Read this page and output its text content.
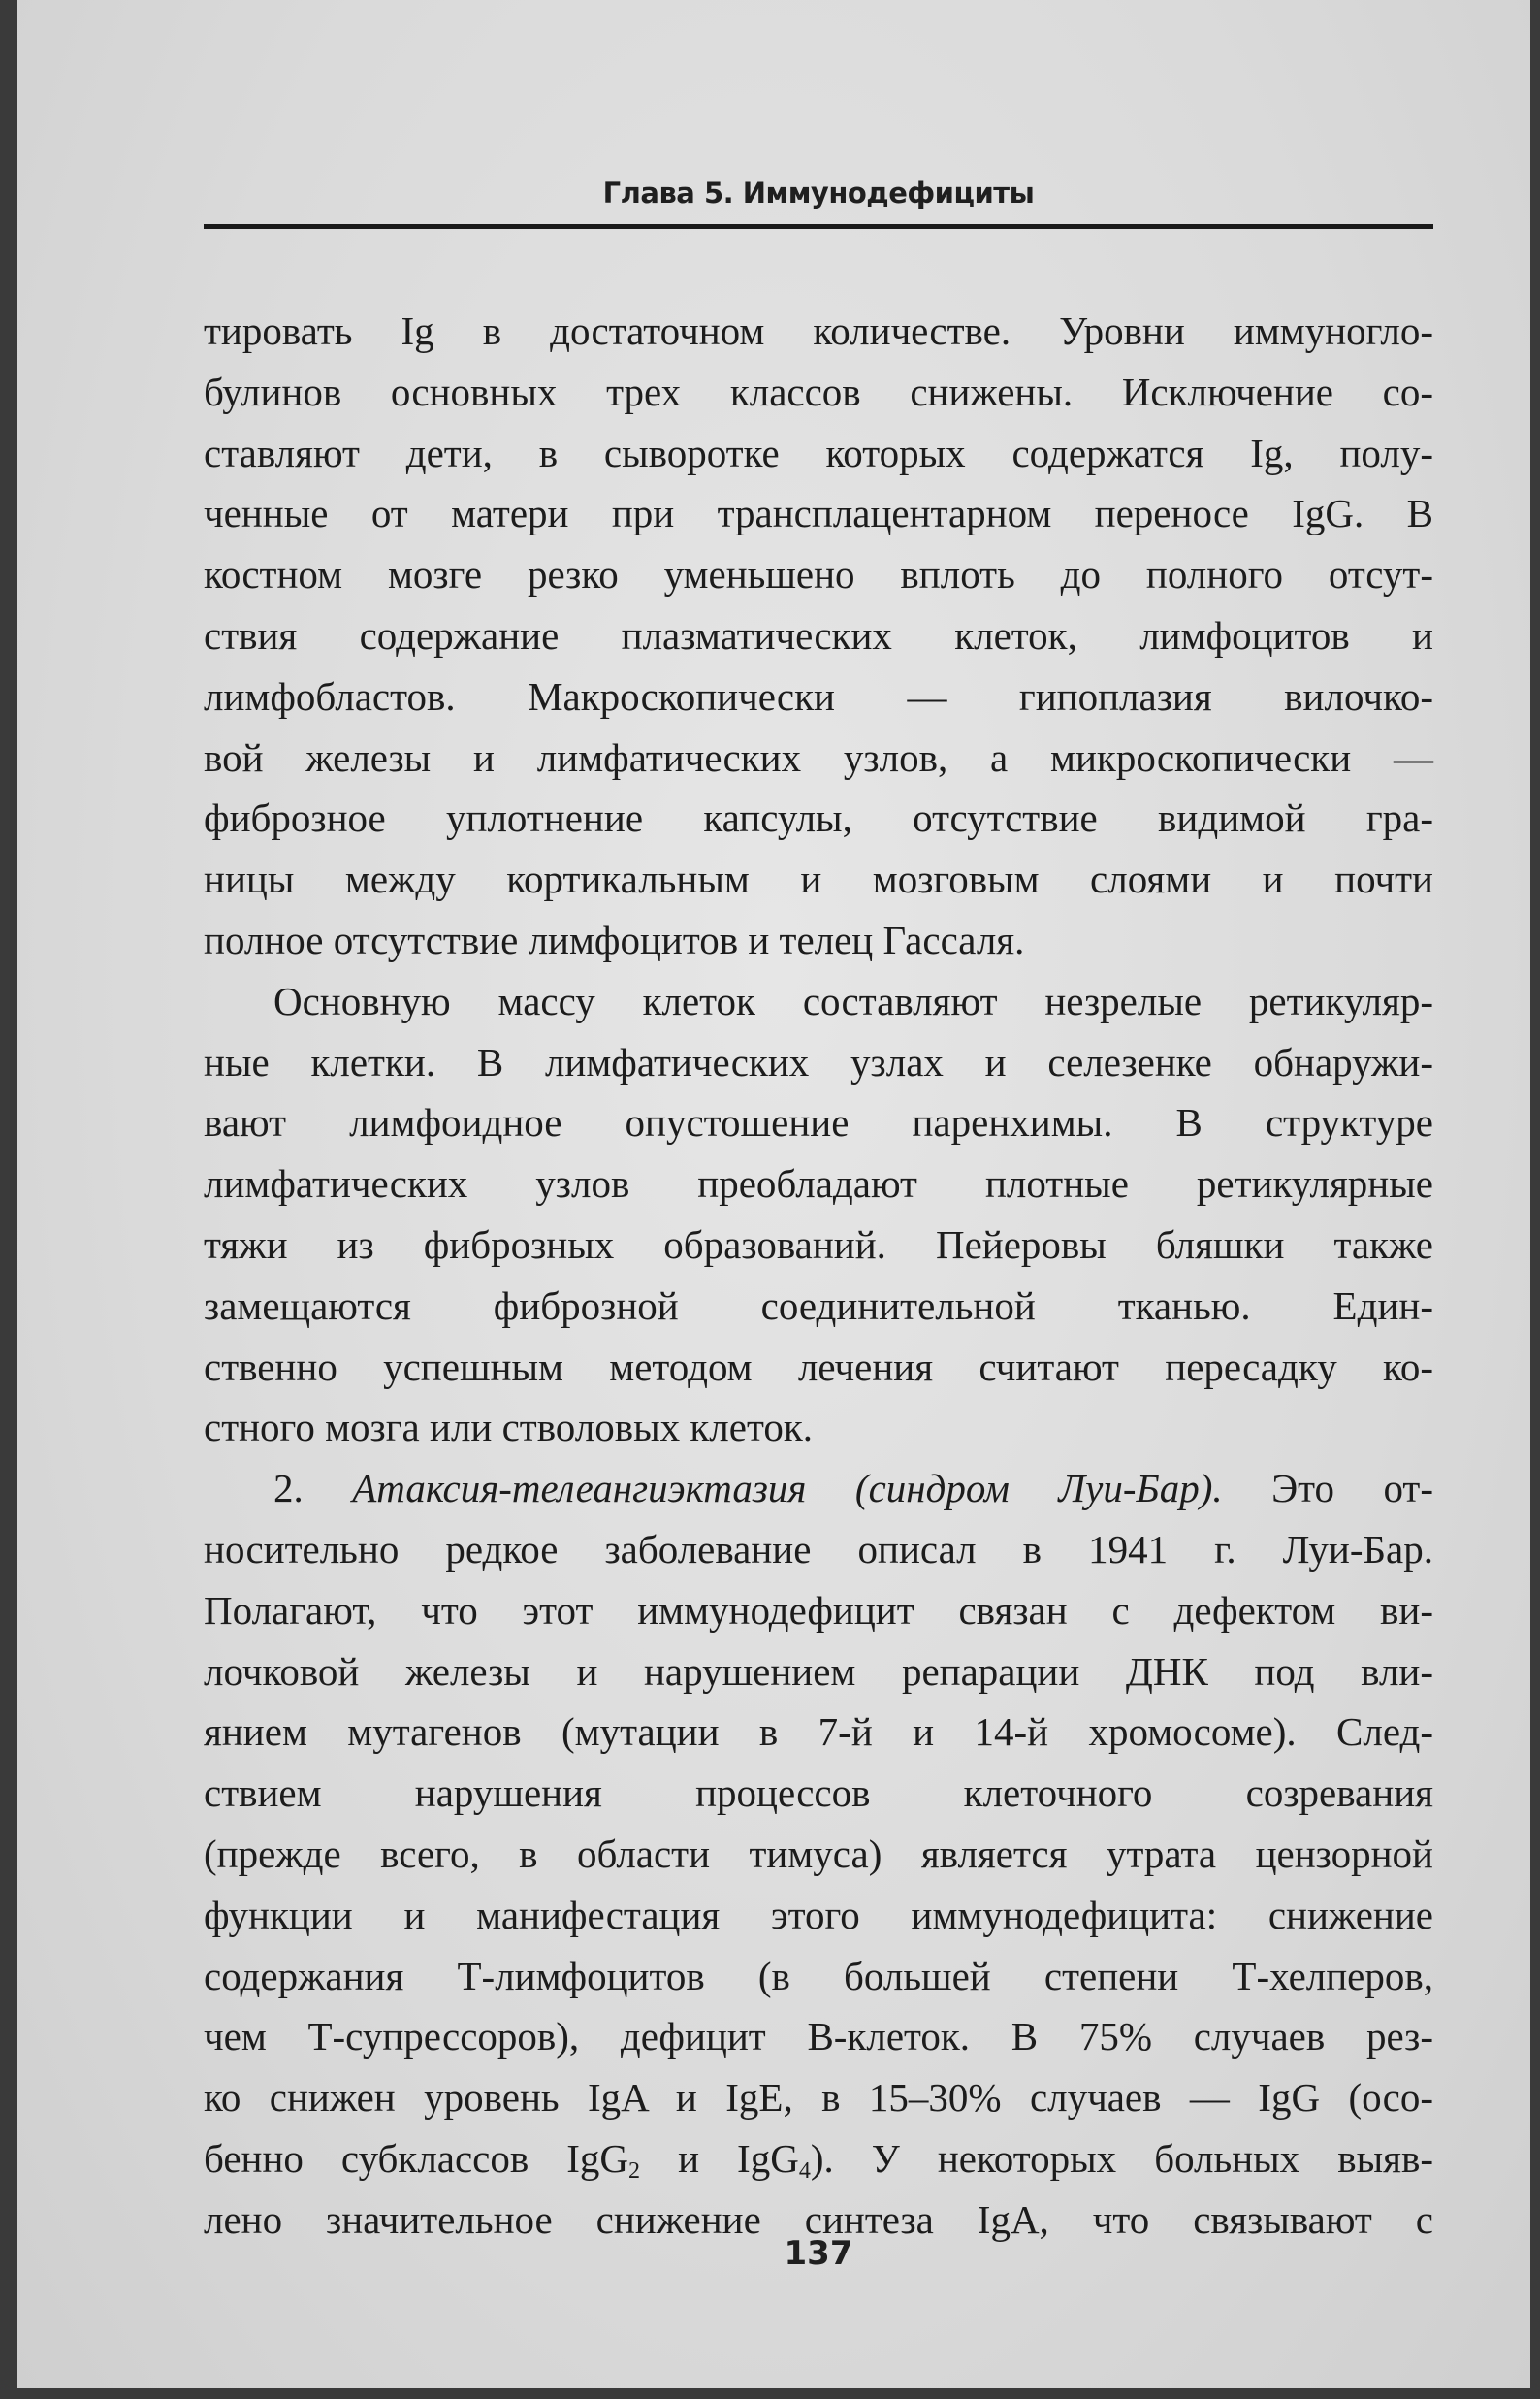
Глава 5. Иммунодефициты
тировать Ig в достаточном количестве. Уровни иммуногло-
булинов основных трех классов снижены. Исключение со-
ставляют дети, в сыворотке которых содержатся Ig, полу-
ченные от матери при трансплацентарном переносе IgG. В
костном мозге резко уменьшено вплоть до полного отсут-
ствия содержание плазматических клеток, лимфоцитов и
лимфобластов. Макроскопически — гипоплазия вилочко-
вой железы и лимфатических узлов, а микроскопически —
фиброзное уплотнение капсулы, отсутствие видимой гра-
ницы между кортикальным и мозговым слоями и почти
полное отсутствие лимфоцитов и телец Гассаля.
Основную массу клеток составляют незрелые ретикуляр-
ные клетки. В лимфатических узлах и селезенке обнаружи-
вают лимфоидное опустошение паренхимы. В структуре
лимфатических узлов преобладают плотные ретикулярные
тяжи из фиброзных образований. Пейеровы бляшки также
замещаются фиброзной соединительной тканью. Един-
ственно успешным методом лечения считают пересадку ко-
стного мозга или стволовых клеток.
2. Атаксия-телеангиэктазия (синдром Луи-Бар). Это от-
носительно редкое заболевание описал в 1941 г. Луи-Бар.
Полагают, что этот иммунодефицит связан с дефектом ви-
лочковой железы и нарушением репарации ДНК под вли-
янием мутагенов (мутации в 7-й и 14-й хромосоме). След-
ствием нарушения процессов клеточного созревания
(прежде всего, в области тимуса) является утрата цензорной
функции и манифестация этого иммунодефицита: снижение
содержания Т-лимфоцитов (в большей степени Т-хелперов,
чем Т-супрессоров), дефицит В-клеток. В 75% случаев рез-
ко снижен уровень IgA и IgE, в 15–30% случаев — IgG (осо-
бенно субклассов IgG$_2$ и IgG$_4$). У некоторых больных выяв-
лено значительное снижение синтеза IgA, что связывают с
137
